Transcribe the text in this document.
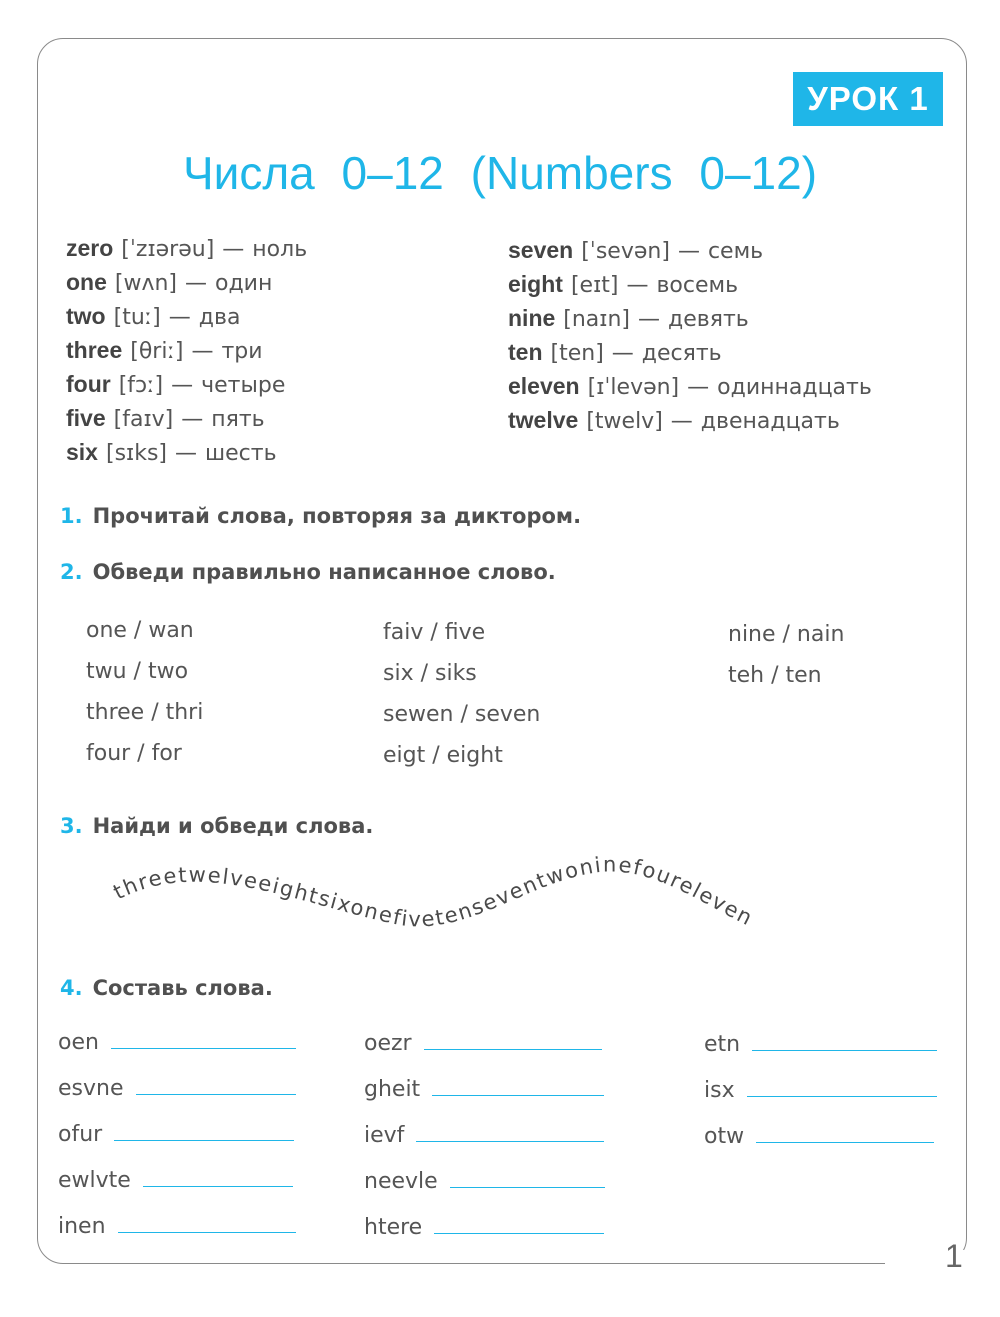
УРОК 1
Числа 0–12 (Numbers 0–12)
zero [ˈzɪərəu] — ноль
one [wʌn] — один
two [tuː] — два
three [θriː] — три
four [fɔː] — четыре
five [faɪv] — пять
six [sɪks] — шесть
seven [ˈsevən] — семь
eight [eɪt] — восемь
nine [naɪn] — девять
ten [ten] — десять
eleven [ɪˈlevən] — одиннадцать
twelve [twelv] — двенадцать
1. Прочитай слова, повторяя за диктором.
2. Обведи правильно написанное слово.
one / wan
twu / two
three / thri
four / for
faiv / five
six / siks
sewen / seven
eigt / eight
nine / nain
teh / ten
3. Найди и обведи слова.
threetwelveeightsixonefivetenseventwoninefoureleven
4. Составь слова.
oen
esvne
ofur
ewlvte
inen
oezr
gheit
ievf
neevle
htere
etn
isx
otw
1
